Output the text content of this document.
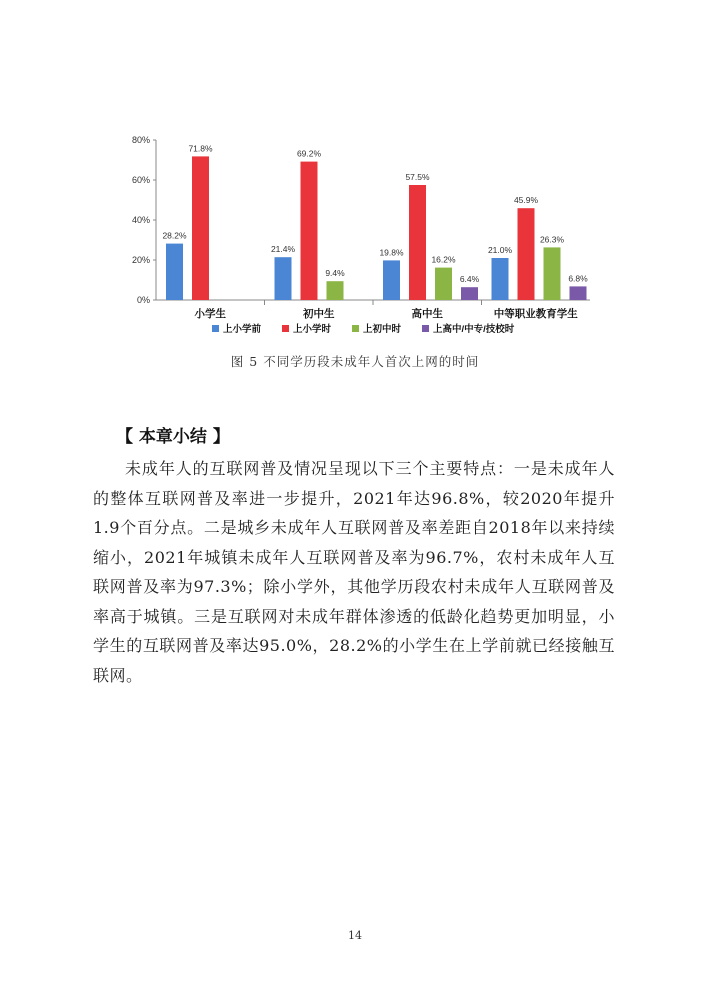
0%
20%
40%
60%
80%
28.2%
71.8%
小学生
21.4%
69.2%
9.4%
初中生
19.8%
57.5%
16.2%
6.4%
高中生
21.0%
45.9%
26.3%
6.8%
中等职业教育学生
上小学前	上小学时	上初中时	上高中/中专/技校时
图 5 不同学历段未成年人首次上网的时间
【 本章小结 】
未成年人的互联网普及情况呈现以下三个主要特点：一是未成年人的整体互联网普及率进一步提升，2021年达96.8%，较2020年提升1.9个百分点。二是城乡未成年人互联网普及率差距自2018年以来持续缩小，2021年城镇未成年人互联网普及率为96.7%，农村未成年人互联网普及率为97.3%；除小学外，其他学历段农村未成年人互联网普及率高于城镇。三是互联网对未成年群体渗透的低龄化趋势更加明显，小学生的互联网普及率达95.0%，28.2%的小学生在上学前就已经接触互联网。
14
